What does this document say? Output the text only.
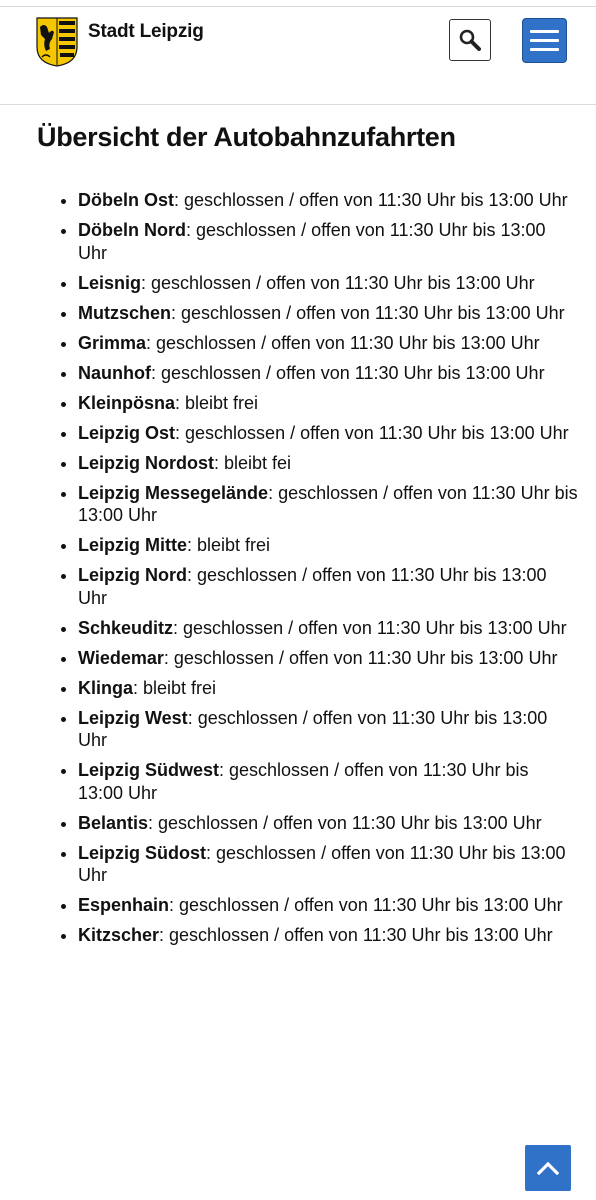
Stadt Leipzig
Übersicht der Autobahnzufahrten
• Döbeln Ost: geschlossen / offen von 11:30 Uhr bis 13:00 Uhr
• Döbeln Nord: geschlossen / offen von 11:30 Uhr bis 13:00 Uhr
• Leisnig: geschlossen / offen von 11:30 Uhr bis 13:00 Uhr
• Mutzschen: geschlossen / offen von 11:30 Uhr bis 13:00 Uhr
• Grimma: geschlossen / offen von 11:30 Uhr bis 13:00 Uhr
• Naunhof: geschlossen / offen von 11:30 Uhr bis 13:00 Uhr
• Kleinpösna: bleibt frei
• Leipzig Ost: geschlossen / offen von 11:30 Uhr bis 13:00 Uhr
• Leipzig Nordost: bleibt fei
• Leipzig Messegelände: geschlossen / offen von 11:30 Uhr bis 13:00 Uhr
• Leipzig Mitte: bleibt frei
• Leipzig Nord: geschlossen / offen von 11:30 Uhr bis 13:00 Uhr
• Schkeuditz: geschlossen / offen von 11:30 Uhr bis 13:00 Uhr
• Wiedemar: geschlossen / offen von 11:30 Uhr bis 13:00 Uhr
• Klinga: bleibt frei
• Leipzig West: geschlossen / offen von 11:30 Uhr bis 13:00 Uhr
• Leipzig Südwest: geschlossen / offen von 11:30 Uhr bis 13:00 Uhr
• Belantis: geschlossen / offen von 11:30 Uhr bis 13:00 Uhr
• Leipzig Südost: geschlossen / offen von 11:30 Uhr bis 13:00 Uhr
• Espenhain: geschlossen / offen von 11:30 Uhr bis 13:00 Uhr
• Kitzscher: geschlossen / offen von 11:30 Uhr bis 13:00 Uhr
